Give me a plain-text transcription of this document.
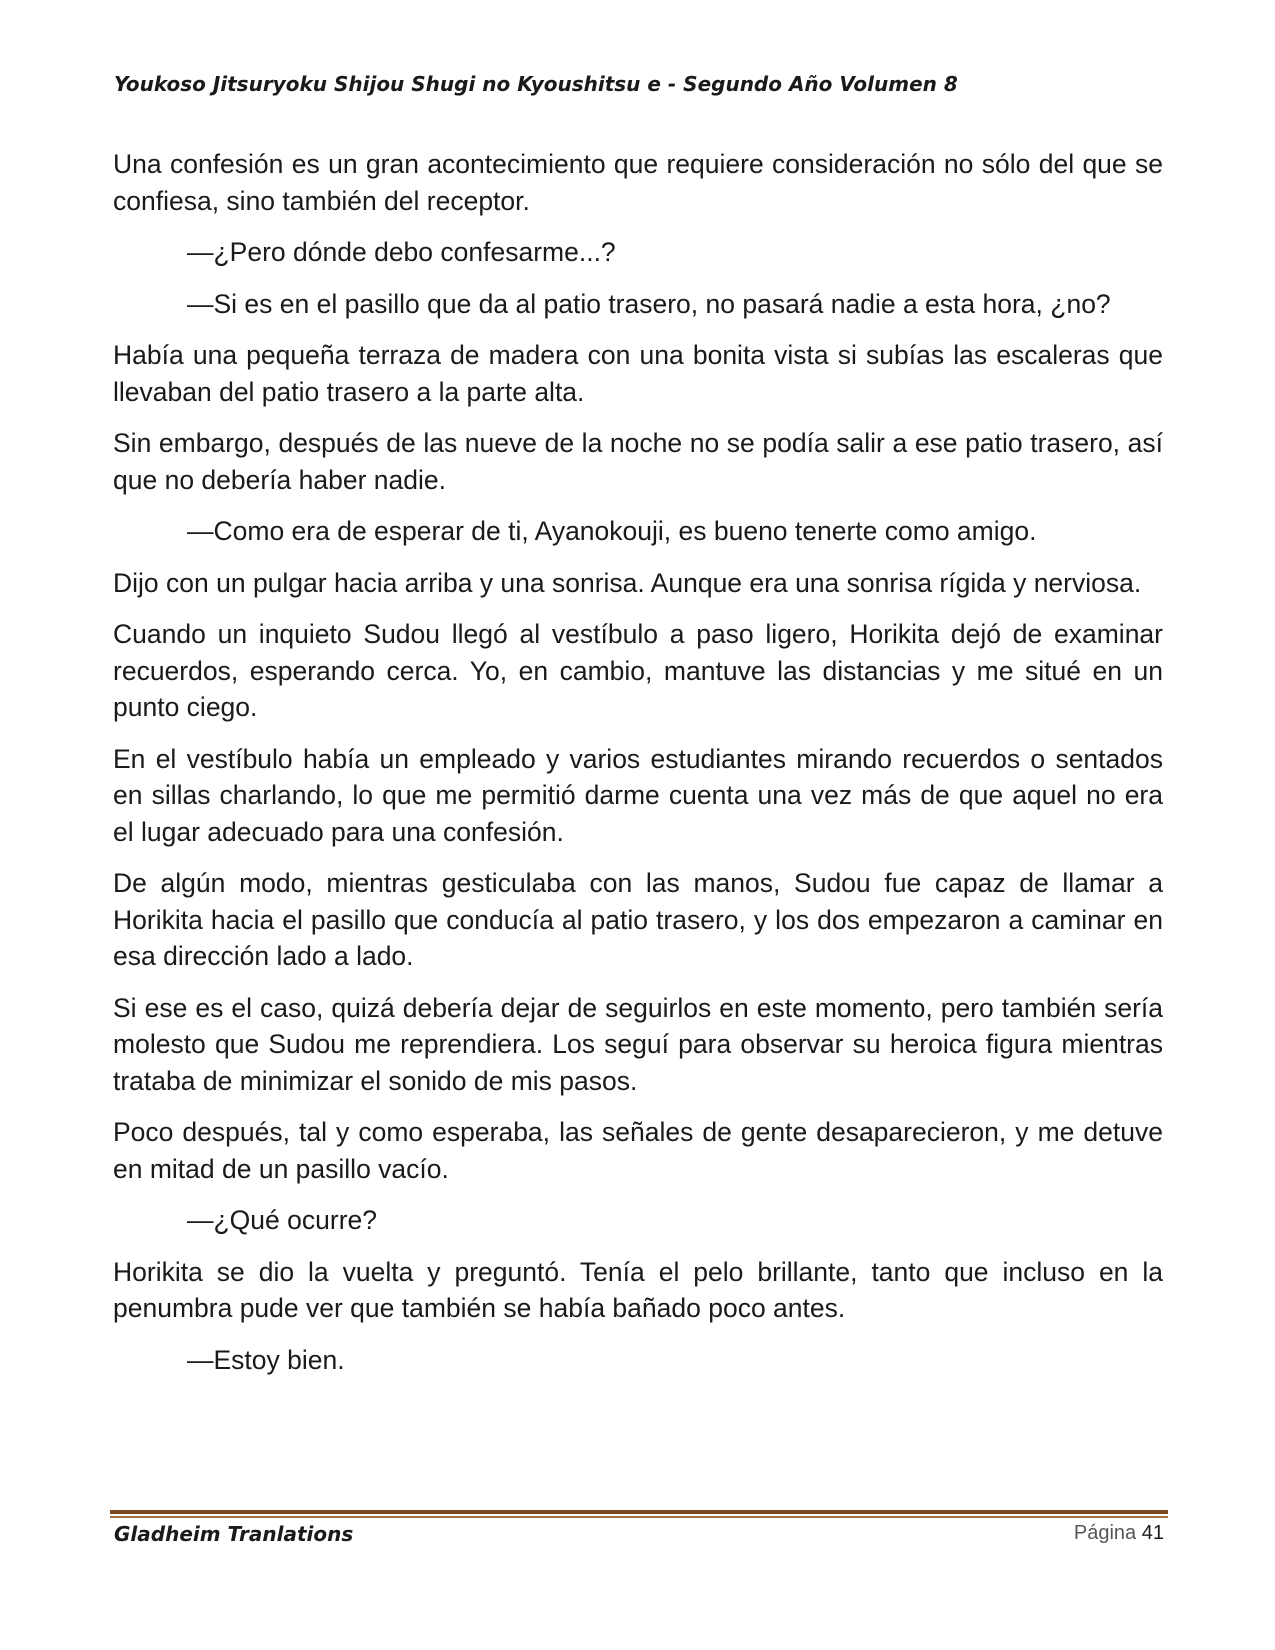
Youkoso Jitsuryoku Shijou Shugi no Kyoushitsu e - Segundo Año Volumen 8

Una confesión es un gran acontecimiento que requiere consideración no sólo del que se confiesa, sino también del receptor.

—¿Pero dónde debo confesarme...?

—Si es en el pasillo que da al patio trasero, no pasará nadie a esta hora, ¿no?

Había una pequeña terraza de madera con una bonita vista si subías las escaleras que llevaban del patio trasero a la parte alta.

Sin embargo, después de las nueve de la noche no se podía salir a ese patio trasero, así que no debería haber nadie.

—Como era de esperar de ti, Ayanokouji, es bueno tenerte como amigo.

Dijo con un pulgar hacia arriba y una sonrisa. Aunque era una sonrisa rígida y nerviosa.

Cuando un inquieto Sudou llegó al vestíbulo a paso ligero, Horikita dejó de examinar recuerdos, esperando cerca. Yo, en cambio, mantuve las distancias y me situé en un punto ciego.

En el vestíbulo había un empleado y varios estudiantes mirando recuerdos o sentados en sillas charlando, lo que me permitió darme cuenta una vez más de que aquel no era el lugar adecuado para una confesión.

De algún modo, mientras gesticulaba con las manos, Sudou fue capaz de llamar a Horikita hacia el pasillo que conducía al patio trasero, y los dos empezaron a caminar en esa dirección lado a lado.

Si ese es el caso, quizá debería dejar de seguirlos en este momento, pero también sería molesto que Sudou me reprendiera. Los seguí para observar su heroica figura mientras trataba de minimizar el sonido de mis pasos.

Poco después, tal y como esperaba, las señales de gente desaparecieron, y me detuve en mitad de un pasillo vacío.

—¿Qué ocurre?

Horikita se dio la vuelta y preguntó. Tenía el pelo brillante, tanto que incluso en la penumbra pude ver que también se había bañado poco antes.

—Estoy bien.

Gladheim Tranlations	Página 41
